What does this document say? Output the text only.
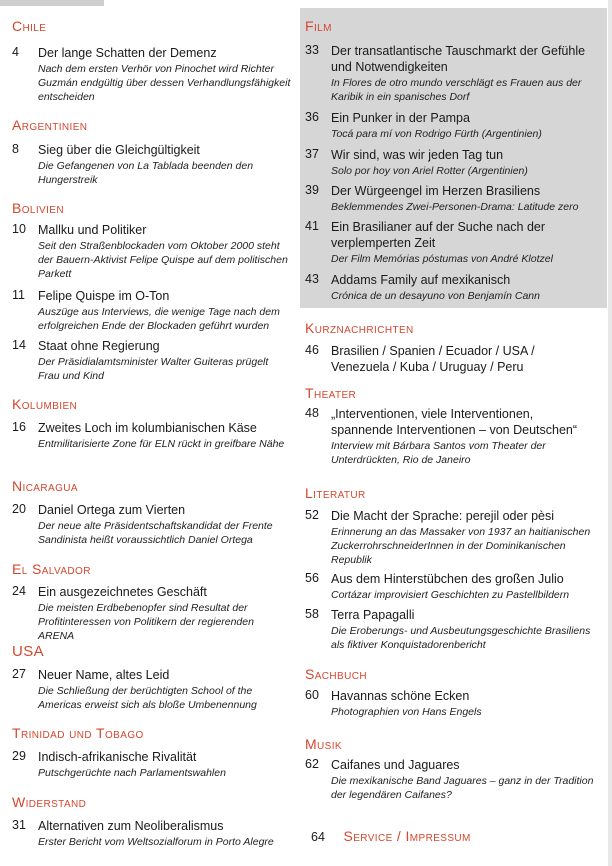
Chile
4	Der lange Schatten der Demenz
Nach dem ersten Verhör von Pinochet wird Richter Guzmán endgültig über dessen Verhandlungsfähigkeit entscheiden
Argentinien
8	Sieg über die Gleichgültigkeit
Die Gefangenen von La Tablada beenden den Hungerstreik
Bolivien
10 Mallku und Politiker
Seit den Straßenblockaden vom Oktober 2000 steht der Bauern-Aktivist Felipe Quispe auf dem politischen Parkett
11	Felipe Quispe im O-Ton
Auszüge aus Interviews, die wenige Tage nach dem erfolgreichen Ende der Blockaden geführt wurden
14 Staat ohne Regierung
Der Präsidialamtsminister Walter Guiteras prügelt Frau und Kind
Kolumbien
16 Zweites Loch im kolumbianischen Käse
Entmilitarisierte Zone für ELN rückt in greifbare Nähe
Nicaragua
20 Daniel Ortega zum Vierten
Der neue alte Präsidentschaftskandidat der Frente Sandinista heißt voraussichtlich Daniel Ortega
El Salvador
24 Ein ausgezeichnetes Geschäft
Die meisten Erdbebenopfer sind Resultat der Profitinteressen von Politikern der regierenden ARENA
USA
27 Neuer Name, altes Leid
Die Schließung der berüchtigten School of the Americas erweist sich als bloße Umbenennung
Trinidad und Tobago
29 Indisch-afrikanische Rivalität
Putschgerüchte nach Parlamentswahlen
Widerstand
31 Alternativen zum Neoliberalismus
Erster Bericht vom Weltsozialforum in Porto Alegre
Film
33 Der transatlantische Tauschmarkt der Gefühle und Notwendigkeiten
In Flores de otro mundo verschlägt es Frauen aus der Karibik in ein spanisches Dorf
36 Ein Punker in der Pampa
Tocá para mí von Rodrigo Fürth (Argentinien)
37 Wir sind, was wir jeden Tag tun
Solo por hoy von Ariel Rotter (Argentinien)
39 Der Würgeengel im Herzen Brasiliens
Beklemmendes Zwei-Personen-Drama: Latitude zero
41 Ein Brasilianer auf der Suche nach der verplemperten Zeit
Der Film Memórias póstumas von André Klotzel
43 Addams Family auf mexikanisch
Crónica de un desayuno von Benjamín Cann
Kurznachrichten
46 Brasilien / Spanien / Ecuador / USA / Venezuela / Kuba / Uruguay / Peru
Theater
48 „Interventionen, viele Interventionen, spannende Interventionen – von Deutschen“
Interview mit Bárbara Santos vom Theater der Unterdrückten, Rio de Janeiro
Literatur
52 Die Macht der Sprache: perejil oder pèsi
Erinnerung an das Massaker von 1937 an haitianischen ZuckerrohrschneiderInnen in der Dominikanischen Republik
56 Aus dem Hinterstübchen des großen Julio
Cortázar improvisiert Geschichten zu Pastellbildern
58 Terra Papagalli
Die Eroberungs- und Ausbeutungsgeschichte Brasiliens als fiktiver Konquistadorenbericht
Sachbuch
60 Havannas schöne Ecken
Photographien von Hans Engels
Musik
62 Caifanes und Jaguares
Die mexikanische Band Jaguares – ganz in der Tradition der legendären Caifanes?
64 Service / Impressum
